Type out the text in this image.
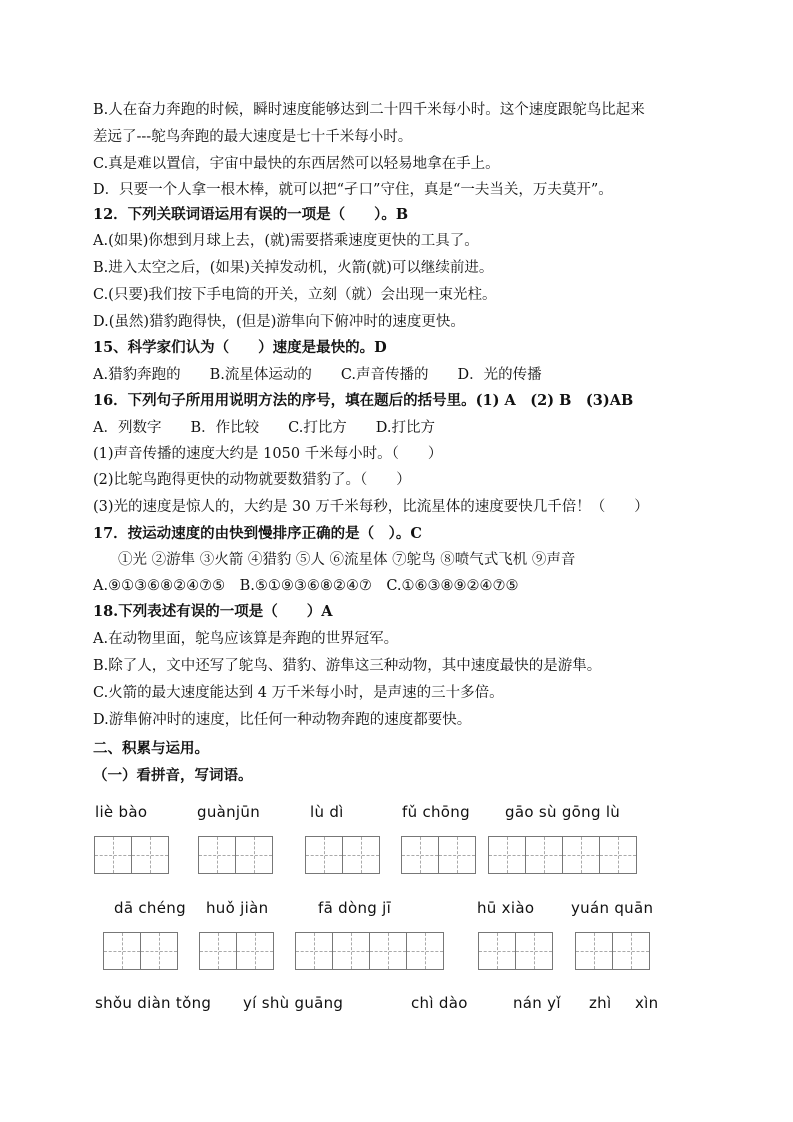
B.人在奋力奔跑的时候，瞬时速度能够达到二十四千米每小时。这个速度跟鸵鸟比起来
差远了---鸵鸟奔跑的最大速度是七十千米每小时。
C.真是难以置信，宇宙中最快的东西居然可以轻易地拿在手上。
D．只要一个人拿一根木棒，就可以把“孑口”守住，真是“一夫当关，万夫莫开”。
12．下列关联词语运用有误的一项是（　　）。B
A.(如果)你想到月球上去，(就)需要搭乘速度更快的工具了。
B.进入太空之后，(如果)关掉发动机，火箭(就)可以继续前进。
C.(只要)我们按下手电筒的开关，立刻（就）会出现一束光柱。
D.(虽然)猎豹跑得快，(但是)游隼向下俯冲时的速度更快。
15、科学家们认为（　　）速度是最快的。D
A.猎豹奔跑的　　B.流星体运动的　　C.声音传播的　　D．光的传播
16．下列句子所用用说明方法的序号，填在题后的括号里。(1) A　(2) B　(3)AB
A．列数字　　B．作比较　　C.打比方　　D.打比方
(1)声音传播的速度大约是 1050 千米每小时。（　　）
(2)比鸵鸟跑得更快的动物就要数猎豹了。（　　）
(3)光的速度是惊人的，大约是 30 万千米每秒，比流星体的速度要快几千倍！（　　）
17．按运动速度的由快到慢排序正确的是（　）。C
①光 ②游隼 ③火箭 ④猎豹 ⑤人 ⑥流星体 ⑦鸵鸟 ⑧喷气式飞机 ⑨声音
A.⑨①③⑥⑧②④⑦⑤　B.⑤①⑨③⑥⑧②④⑦　C.①⑥③⑧⑨②④⑦⑤
18.下列表述有误的一项是（　　）A
A.在动物里面，鸵鸟应该算是奔跑的世界冠军。
B.除了人，文中还写了鸵鸟、猎豹、游隼这三种动物，其中速度最快的是游隼。
C.火箭的最大速度能达到 4 万千米每小时，是声速的三十多倍。
D.游隼俯冲时的速度，比任何一种动物奔跑的速度都要快。
二、积累与运用。
（一）看拼音，写词语。
liè bào	guànjūn	lù dì	fǔ chōng gāo sù gōng lù
dā chéng huǒ jiàn	fā dòng jī	hū xiào yuán quān
shǒu diàn tǒng yí shù guāng	chì dào	nán yǐ zhì xìn
